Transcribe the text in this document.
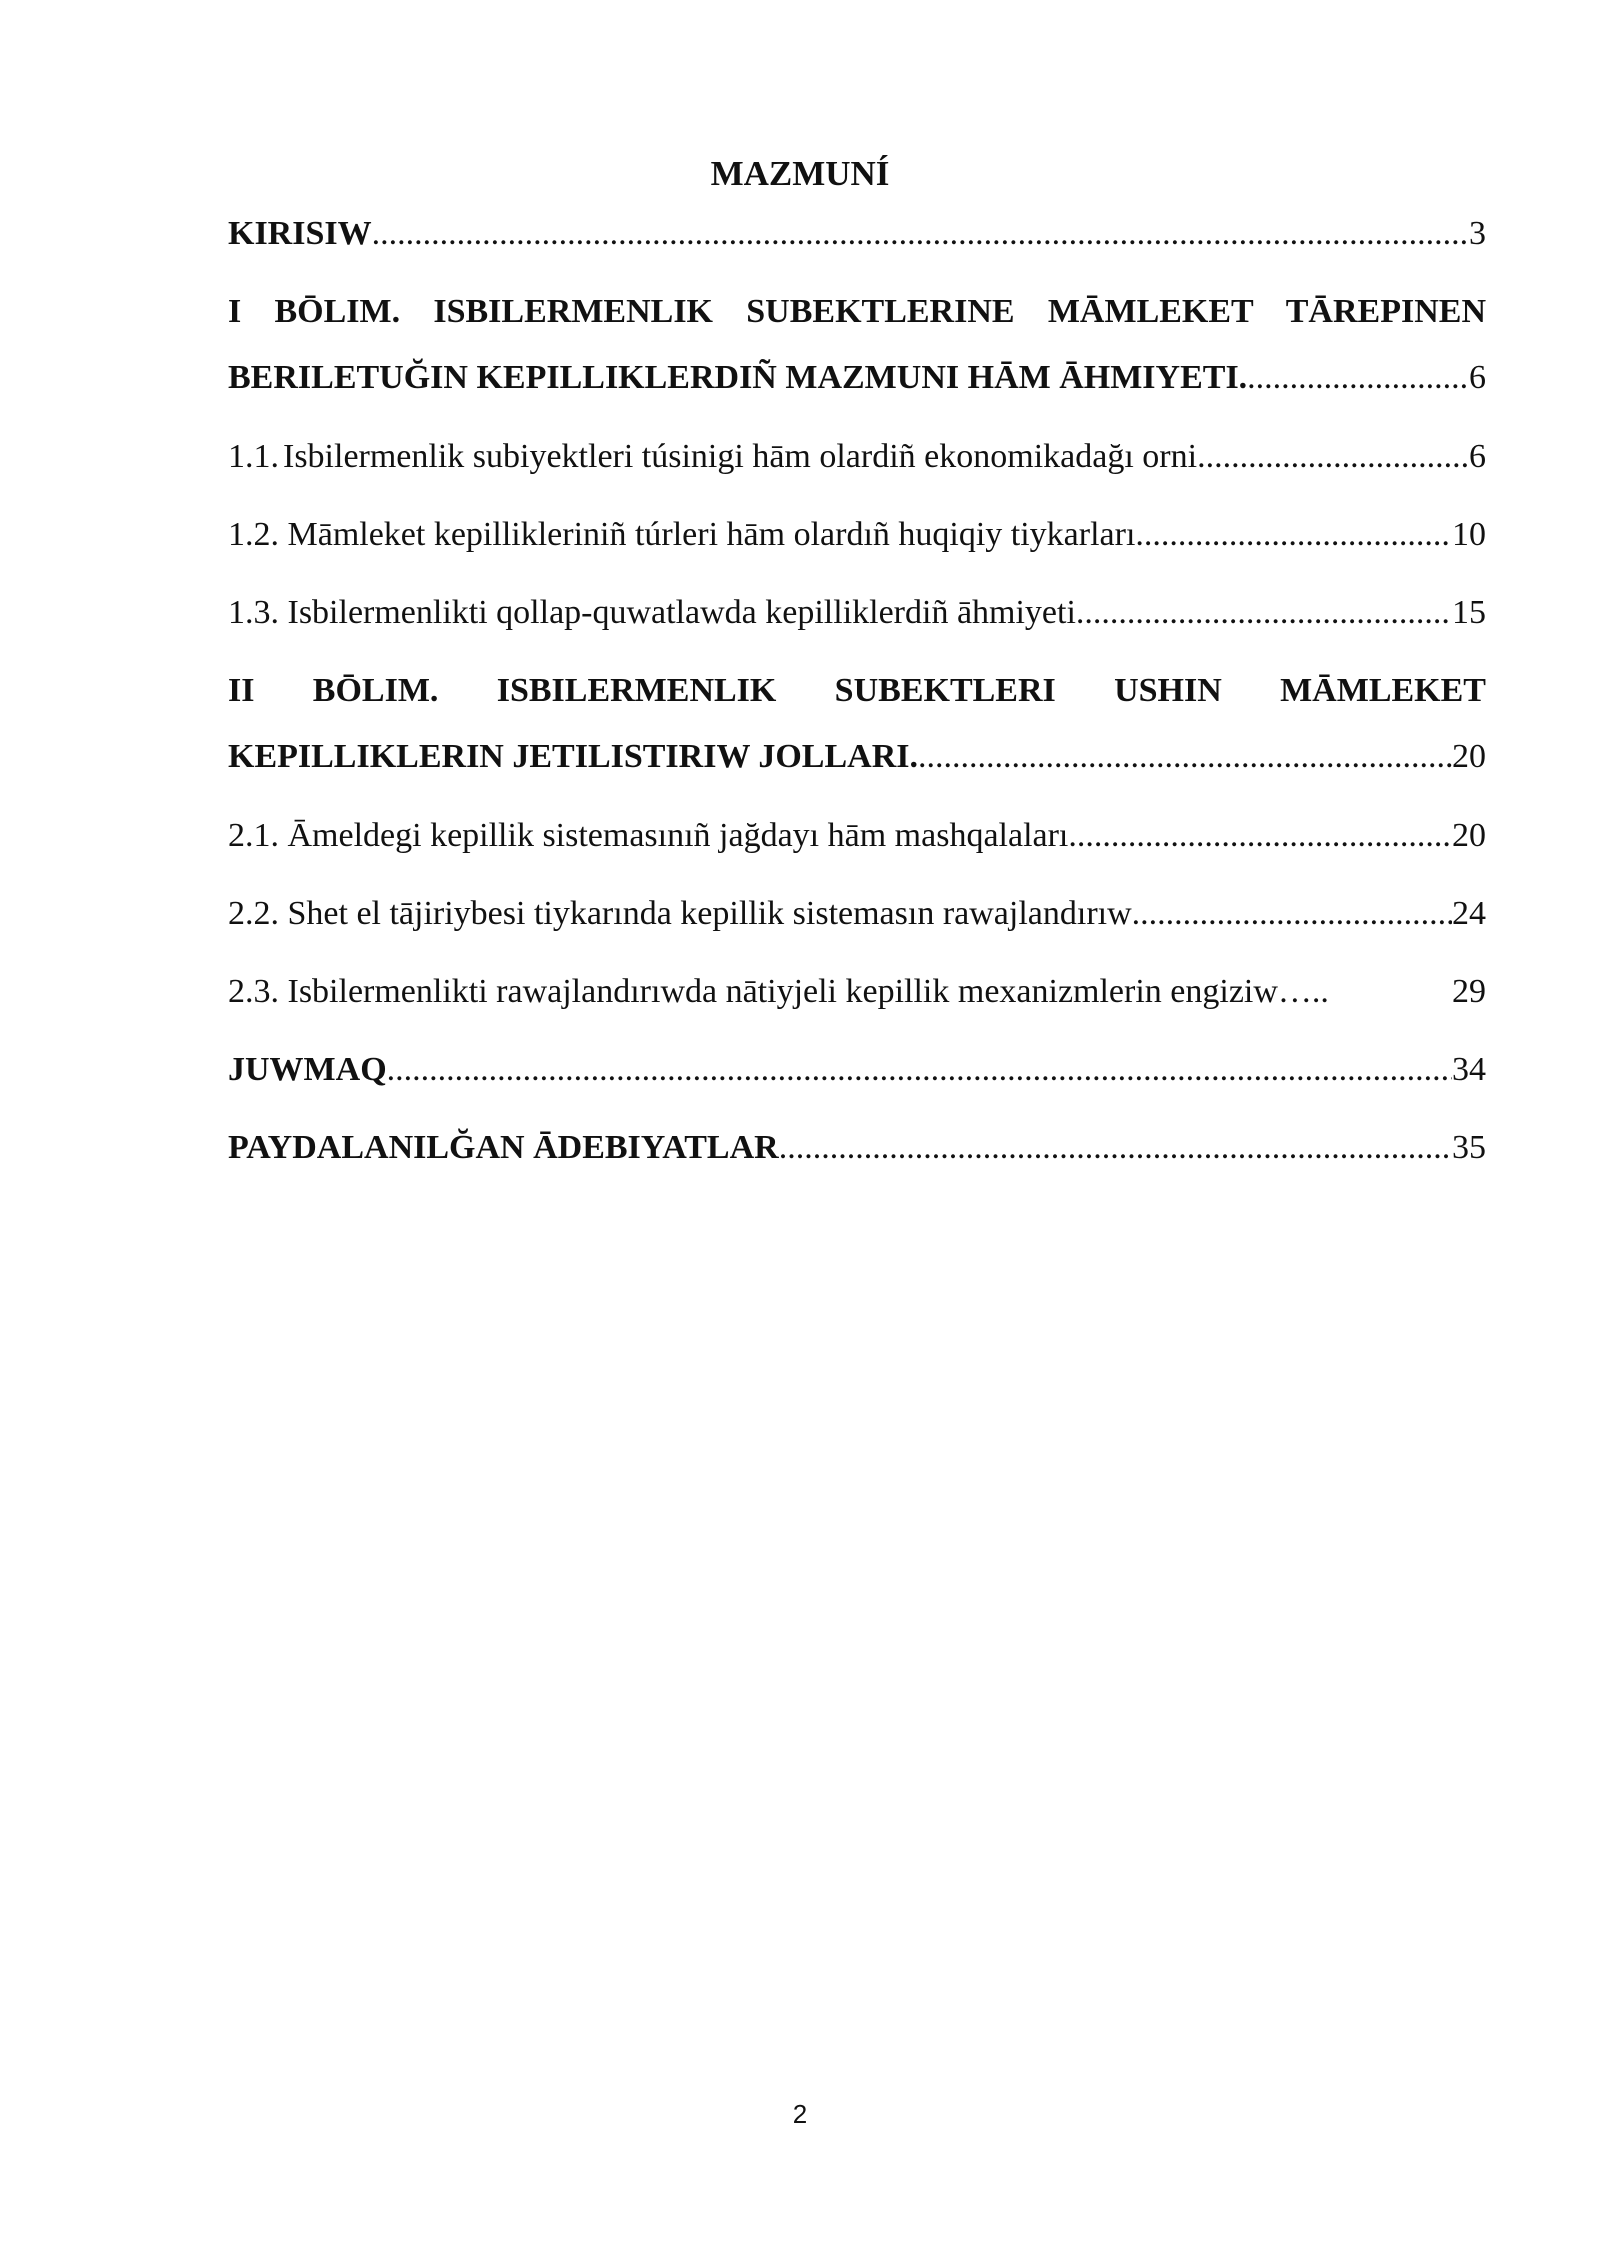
MAZMUNÍ
KIRISIW .....	3
I BŌLIM. ISBILERMENLIK SUBEKTLERINE MĀMLEKET TĀREPINEN
BERILETUĞIN KEPILLIKLERDIÑ MAZMUNI HĀM ĀHMIYETI. .....	6
1.1. Isbilermenlik subiyektleri túsinigi hām olardiñ ekonomikadağı orni .....	6
1.2. Māmleket kepillikleriniñ túrleri hām olardıñ huqiqiy tiykarları .....	10
1.3. Isbilermenlikti qollap-quwatlawda kepilliklerdiñ āhmiyeti .....	15
II BŌLIM. ISBILERMENLIK SUBEKTLERI USHIN MĀMLEKET
KEPILLIKLERIN JETILISTIRIW JOLLARI. .....	20
2.1. Āmeldegi kepillik sistemasınıñ jağdayı hām mashqalaları .....	20
2.2. Shet el tājiriybesi tiykarında kepillik sistemasın rawajlandırıw .....	24
2.3. Isbilermenlikti rawajlandırıwda nātiyjeli kepillik mexanizmlerin engiziw …..	29
JUWMAQ .....	34
PAYDALANILĞAN ĀDEBIYATLAR .....	35
2
